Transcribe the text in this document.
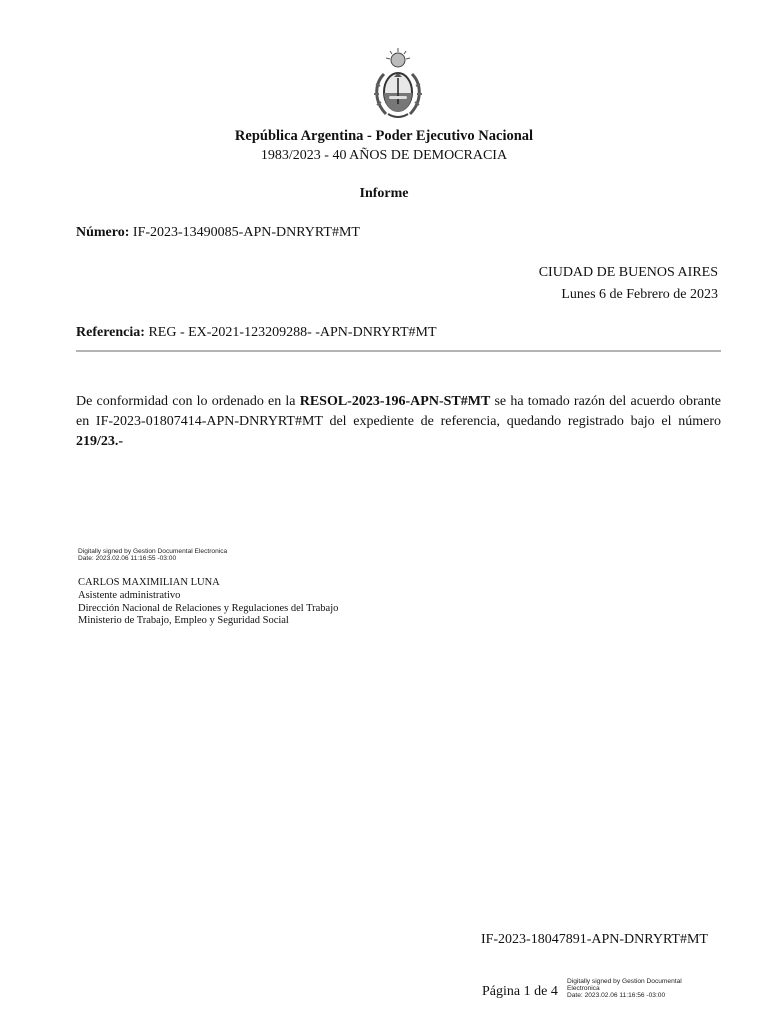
República Argentina - Poder Ejecutivo Nacional
1983/2023 - 40 AÑOS DE DEMOCRACIA
Informe
Número: IF-2023-13490085-APN-DNRYRT#MT
CIUDAD DE BUENOS AIRES
Lunes 6 de Febrero de 2023
Referencia: REG - EX-2021-123209288- -APN-DNRYRT#MT
De conformidad con lo ordenado en la RESOL-2023-196-APN-ST#MT se ha tomado razón del acuerdo obrante en IF-2023-01807414-APN-DNRYRT#MT del expediente de referencia, quedando registrado bajo el número 219/23.-
Digitally signed by Gestion Documental Electronica
Date: 2023.02.06 11:16:55 -03:00
CARLOS MAXIMILIAN LUNA
Asistente administrativo
Dirección Nacional de Relaciones y Regulaciones del Trabajo
Ministerio de Trabajo, Empleo y Seguridad Social
IF-2023-18047891-APN-DNRYRT#MT
Página 1 de 4
Digitally signed by Gestion Documental
Electronica
Date: 2023.02.06 11:16:56 -03:00
